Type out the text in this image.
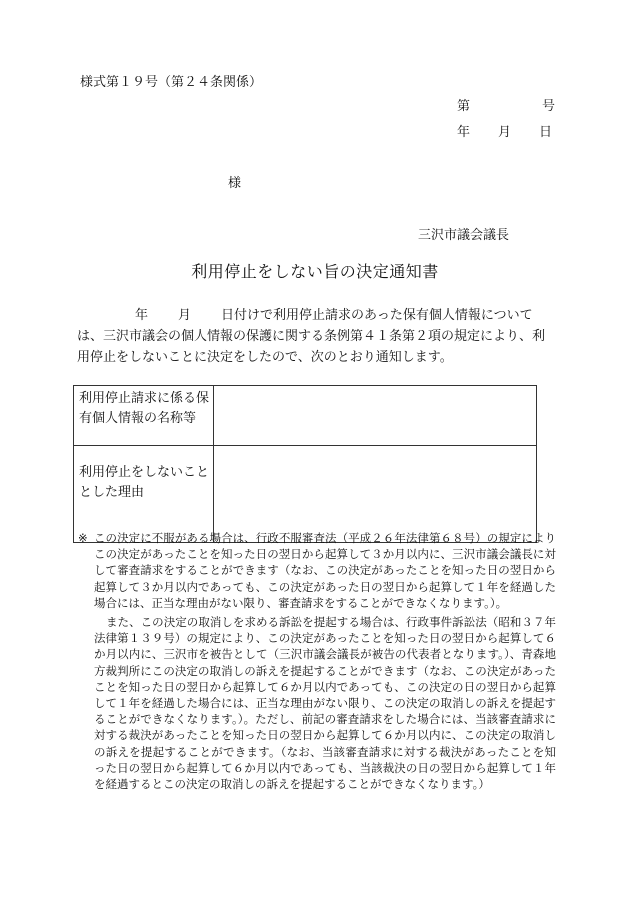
様式第１９号（第２４条関係）
第	号
年 月 日
様
三沢市議会議長
利用停止をしない旨の決定通知書
年 月 日付けで利用停止請求のあった保有個人情報については、三沢市議会の個人情報の保護に関する条例第４１条第２項の規定により、利用停止をしないことに決定をしたので、次のとおり通知します。
利用停止請求に係る保有個人情報の名称等	
利用停止をしないこととした理由	

※ この決定に不服がある場合は、行政不服審査法（平成２６年法律第６８号）の規定によりこの決定があったことを知った日の翌日から起算して３か月以内に、三沢市議会議長に対して審査請求をすることができます（なお、この決定があったことを知った日の翌日から起算して３か月以内であっても、この決定があった日の翌日から起算して１年を経過した場合には、正当な理由がない限り、審査請求をすることができなくなります。）。

また、この決定の取消しを求める訴訟を提起する場合は、行政事件訴訟法（昭和３７年法律第１３９号）の規定により、この決定があったことを知った日の翌日から起算して６か月以内に、三沢市を被告として（三沢市議会議長が被告の代表者となります。）、青森地方裁判所にこの決定の取消しの訴えを提起することができます（なお、この決定があったことを知った日の翌日から起算して６か月以内であっても、この決定の日の翌日から起算して１年を経過した場合には、正当な理由がない限り、この決定の取消しの訴えを提起することができなくなります。）。ただし、前記の審査請求をした場合には、当該審査請求に対する裁決があったことを知った日の翌日から起算して６か月以内に、この決定の取消しの訴えを提起することができます。（なお、当該審査請求に対する裁決があったことを知った日の翌日から起算して６か月以内であっても、当該裁決の日の翌日から起算して１年を経過するとこの決定の取消しの訴えを提起することができなくなります。）
